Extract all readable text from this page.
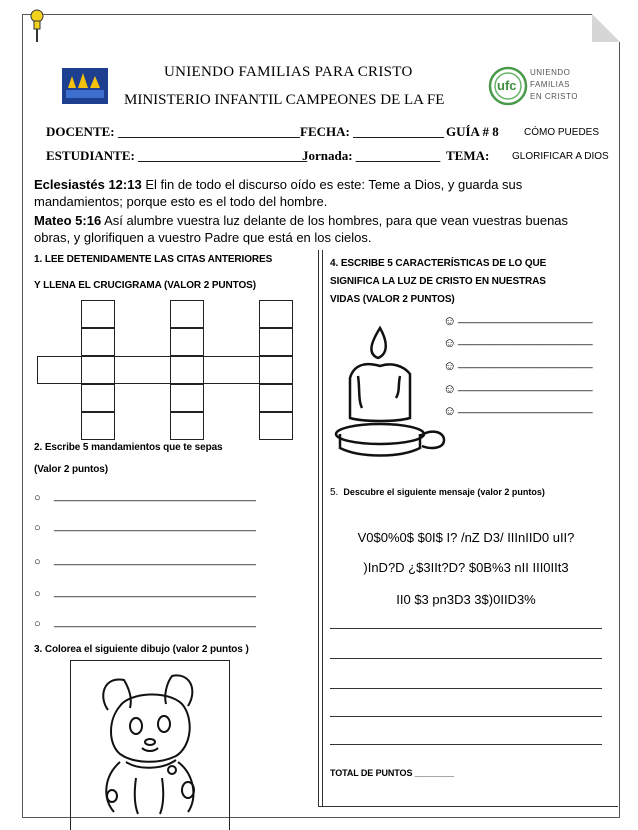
ufc
UNIENDO
FAMILIAS
EN CRISTO
UNIENDO FAMILIAS PARA CRISTO
MINISTERIO INFANTIL CAMPEONES DE LA FE
DOCENTE: ____________________________ FECHA: ______________ GUÍA # 8	CÓMO PUEDES
ESTUDIANTE: __________________________
Jornada: _____________ TEMA: GLORIFICAR A DIOS
Eclesiastés 12:13 El fin de todo el discurso oído es este: Teme a Dios, y guarda sus mandamientos; porque esto es el todo del hombre.
Mateo 5:16 Así alumbre vuestra luz delante de los hombres, para que vean vuestras buenas obras, y glorifiquen a vuestro Padre que está en los cielos.
1. LEE DETENIDAMENTE LAS CITAS ANTERIORES
Y LLENA EL CRUCIGRAMA (VALOR 2 PUNTOS)
2. Escribe 5 mandamientos que te sepas
(Valor 2 puntos)
○ _________________________________
○ _________________________________
○ _________________________________
○ _________________________________
○ _________________________________
3. Colorea el siguiente dibujo (valor 2 puntos )
4. ESCRIBE 5 CARACTERÍSTICAS DE LO QUE
SIGNIFICA LA LUZ DE CRISTO EN NUESTRAS
VIDAS (VALOR 2 PUNTOS)
☺ ______________________
☺ ______________________
☺ ______________________
☺ ______________________
☺ ______________________
5. Descubre el siguiente mensaje (valor 2 puntos)
V0$0%0$ $0I$ I? /nZ D3/ IIInIID0 uII?
)InD?D ¿$3IIt?D? $0B%3 nII III0IIt3
II0 $3 pn3D3 3$)0IID3%
TOTAL DE PUNTOS ________
